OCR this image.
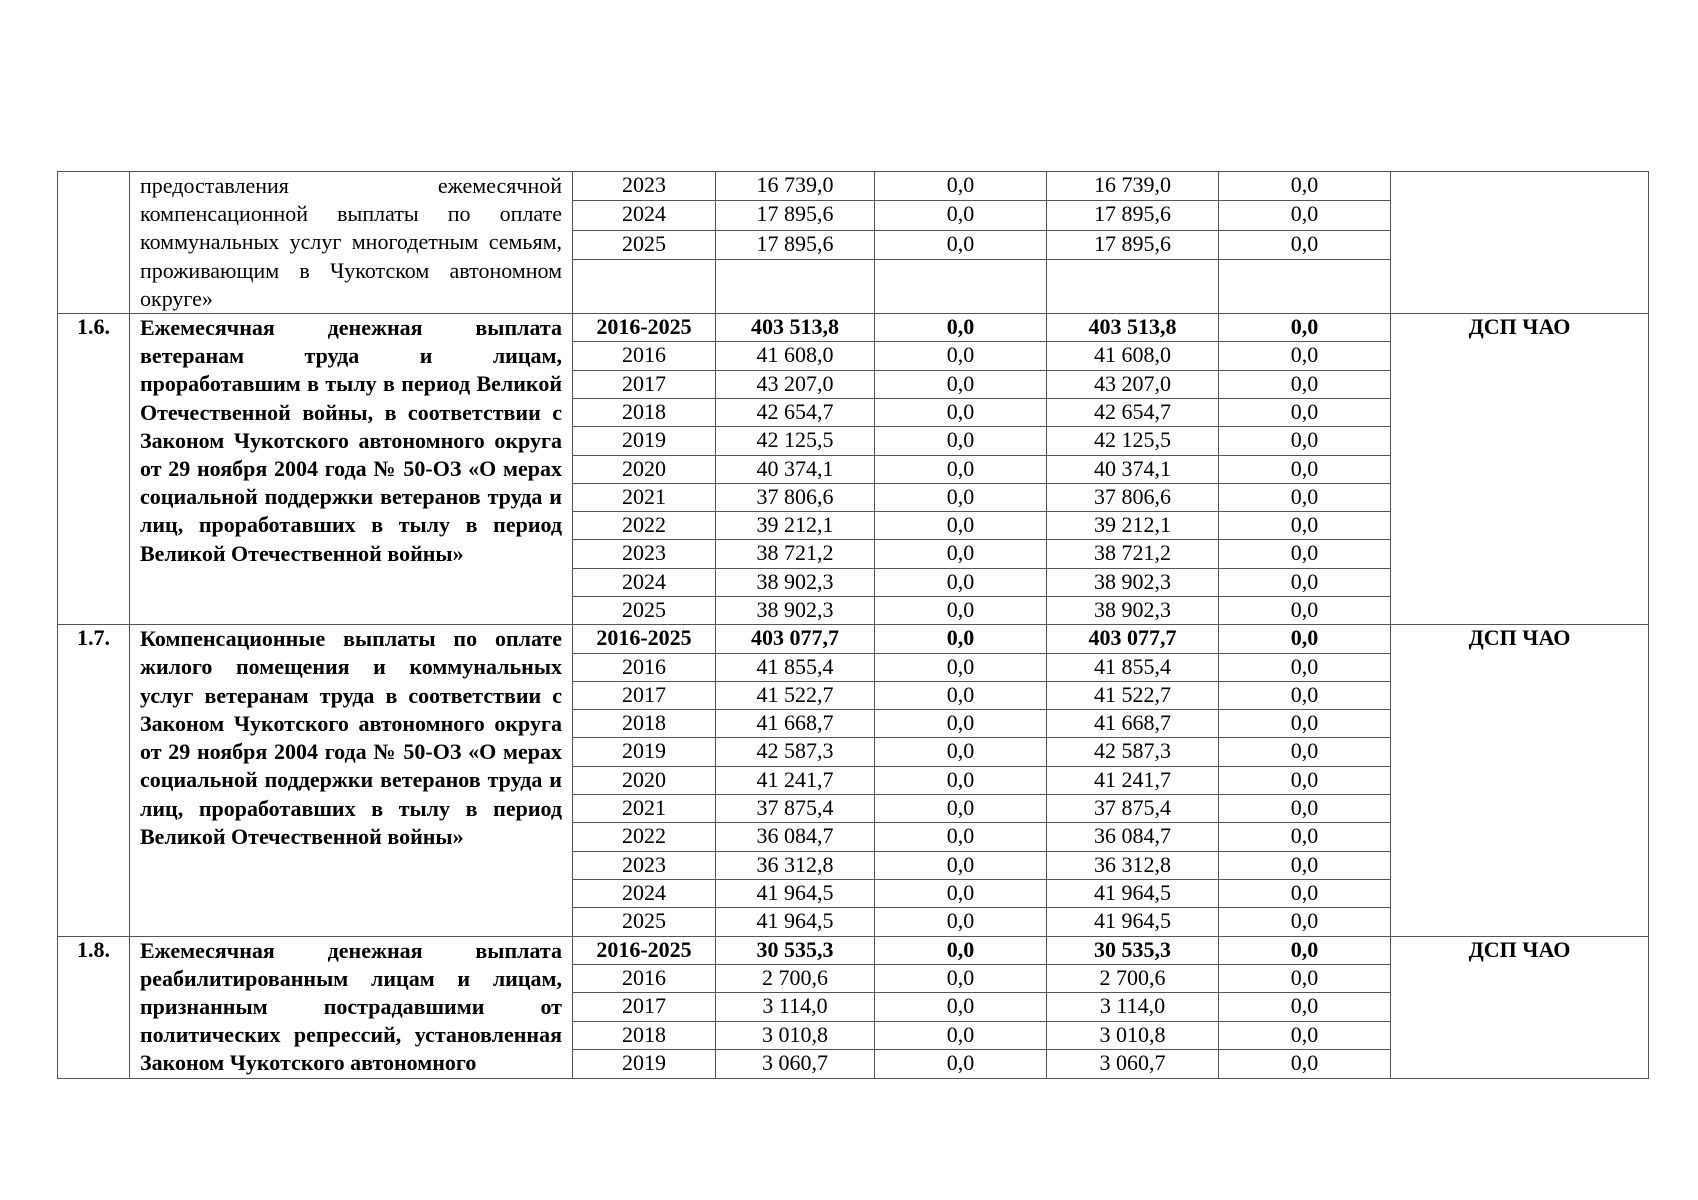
	предоставления ежемесячной компенсационной выплаты по оплате коммунальных услуг многодетным семьям, проживающим в Чукотском автономном округе»	2023	16 739,0	0,0	16 739,0	0,0	
		2024	17 895,6	0,0	17 895,6	0,0	
		2025	17 895,6	0,0	17 895,6	0,0	

1.6.	Ежемесячная денежная выплата ветеранам труда и лицам, проработавшим в тылу в период Великой Отечественной войны, в соответствии с Законом Чукотского автономного округа от 29 ноября 2004 года № 50-ОЗ «О мерах социальной поддержки ветеранов труда и лиц, проработавших в тылу в период Великой Отечественной войны»	2016-2025	403 513,8	0,0	403 513,8	0,0	ДСП ЧАО
		2016	41 608,0	0,0	41 608,0	0,0	
		2017	43 207,0	0,0	43 207,0	0,0	
		2018	42 654,7	0,0	42 654,7	0,0	
		2019	42 125,5	0,0	42 125,5	0,0	
		2020	40 374,1	0,0	40 374,1	0,0	
		2021	37 806,6	0,0	37 806,6	0,0	
		2022	39 212,1	0,0	39 212,1	0,0	
		2023	38 721,2	0,0	38 721,2	0,0	
		2024	38 902,3	0,0	38 902,3	0,0	
		2025	38 902,3	0,0	38 902,3	0,0	
1.7.	Компенсационные выплаты по оплате жилого помещения и коммунальных услуг ветеранам труда в соответствии с Законом Чукотского автономного округа от 29 ноября 2004 года № 50-ОЗ «О мерах социальной поддержки ветеранов труда и лиц, проработавших в тылу в период Великой Отечественной войны»	2016-2025	403 077,7	0,0	403 077,7	0,0	ДСП ЧАО
		2016	41 855,4	0,0	41 855,4	0,0	
		2017	41 522,7	0,0	41 522,7	0,0	
		2018	41 668,7	0,0	41 668,7	0,0	
		2019	42 587,3	0,0	42 587,3	0,0	
		2020	41 241,7	0,0	41 241,7	0,0	
		2021	37 875,4	0,0	37 875,4	0,0	
		2022	36 084,7	0,0	36 084,7	0,0	
		2023	36 312,8	0,0	36 312,8	0,0	
		2024	41 964,5	0,0	41 964,5	0,0	
		2025	41 964,5	0,0	41 964,5	0,0	
1.8.	Ежемесячная денежная выплата реабилитированным лицам и лицам, признанным пострадавшими от политических репрессий, установленная Законом Чукотского автономного	2016-2025	30 535,3	0,0	30 535,3	0,0	ДСП ЧАО
		2016	2 700,6	0,0	2 700,6	0,0	
		2017	3 114,0	0,0	3 114,0	0,0	
		2018	3 010,8	0,0	3 010,8	0,0	
		2019	3 060,7	0,0	3 060,7	0,0	
